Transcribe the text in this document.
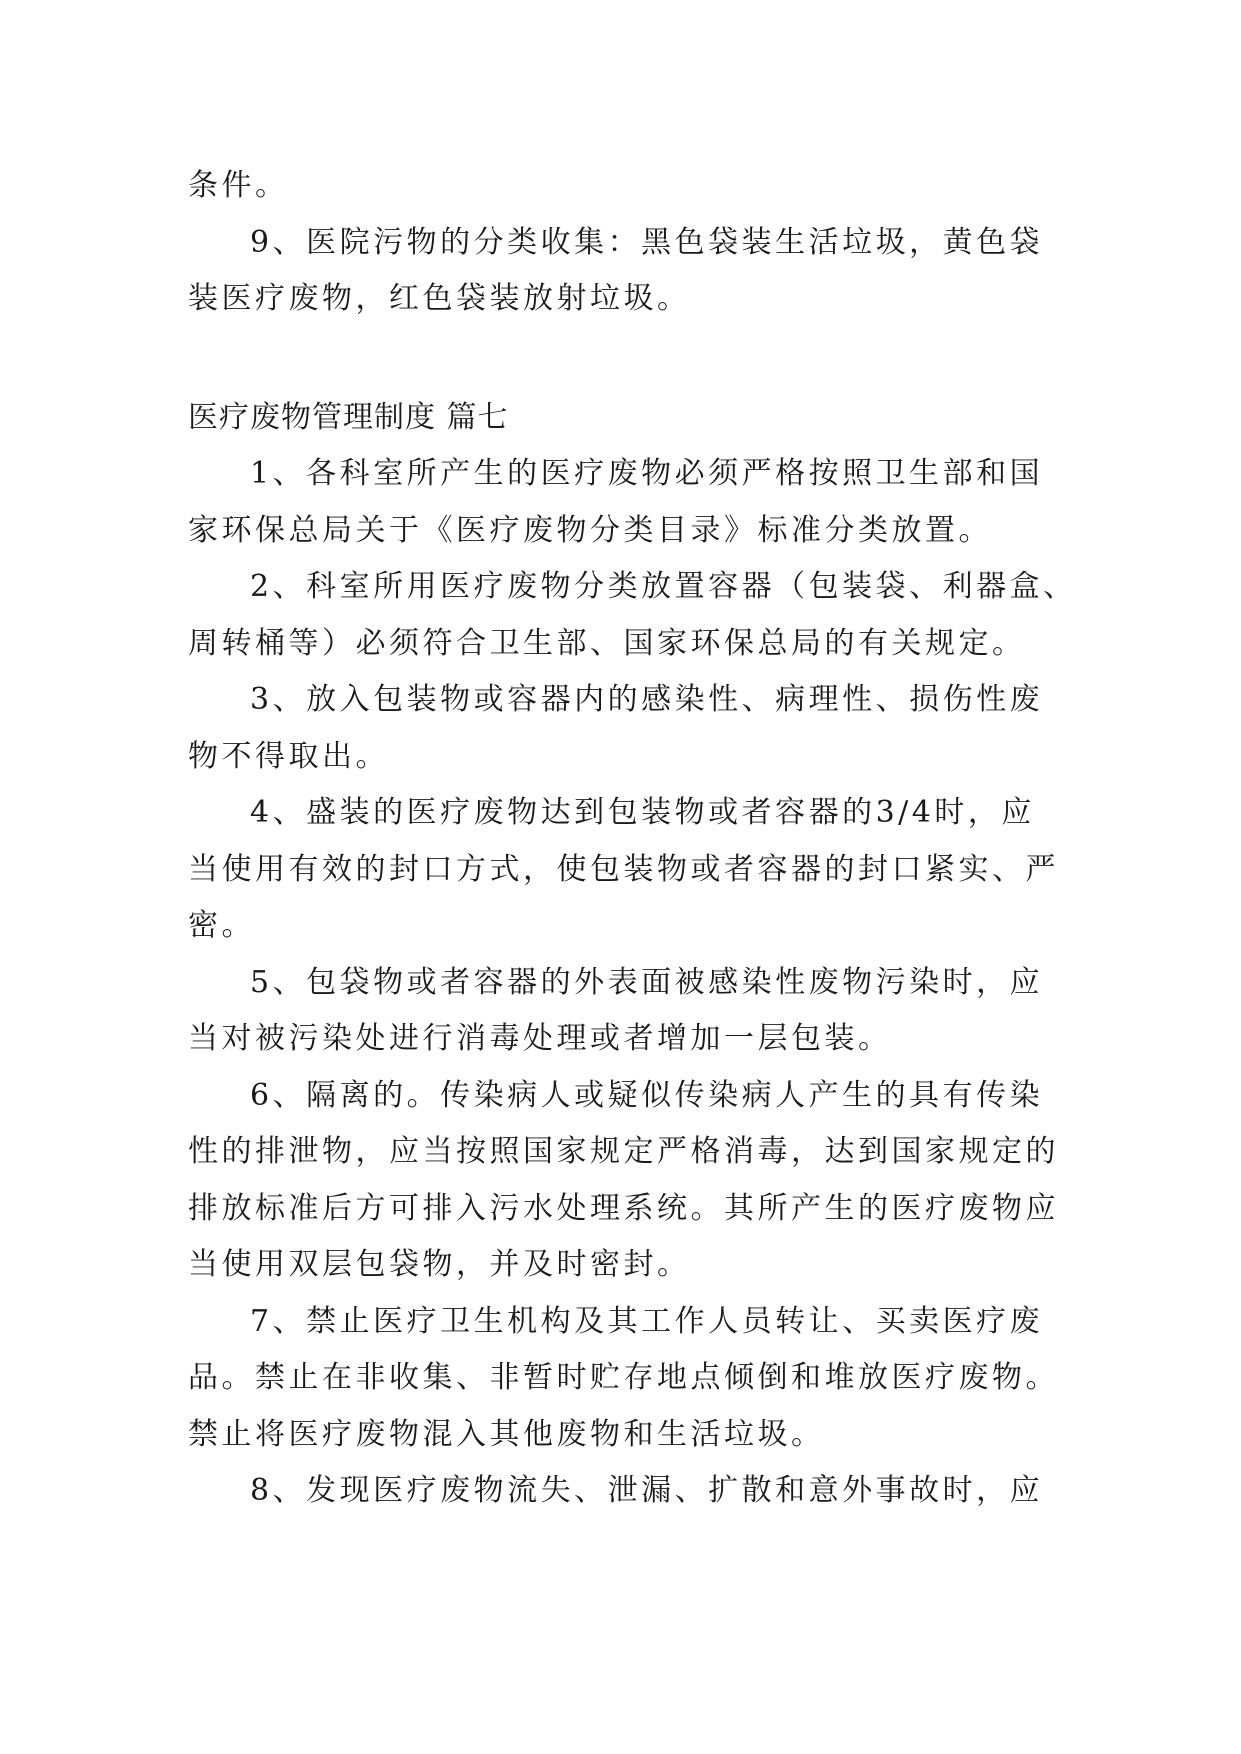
条件。
9、医院污物的分类收集：黑色袋装生活垃圾，黄色袋
装医疗废物，红色袋装放射垃圾。
医疗废物管理制度 篇七
1、各科室所产生的医疗废物必须严格按照卫生部和国
家环保总局关于《医疗废物分类目录》标准分类放置。
2、科室所用医疗废物分类放置容器（包装袋、利器盒、
周转桶等）必须符合卫生部、国家环保总局的有关规定。
3、放入包装物或容器内的感染性、病理性、损伤性废
物不得取出。
4、盛装的医疗废物达到包装物或者容器的3/4时，应
当使用有效的封口方式，使包装物或者容器的封口紧实、严
密。
5、包袋物或者容器的外表面被感染性废物污染时，应
当对被污染处进行消毒处理或者增加一层包装。
6、隔离的。传染病人或疑似传染病人产生的具有传染
性的排泄物，应当按照国家规定严格消毒，达到国家规定的
排放标准后方可排入污水处理系统。其所产生的医疗废物应
当使用双层包袋物，并及时密封。
7、禁止医疗卫生机构及其工作人员转让、买卖医疗废
品。禁止在非收集、非暂时贮存地点倾倒和堆放医疗废物。
禁止将医疗废物混入其他废物和生活垃圾。
8、发现医疗废物流失、泄漏、扩散和意外事故时，应
